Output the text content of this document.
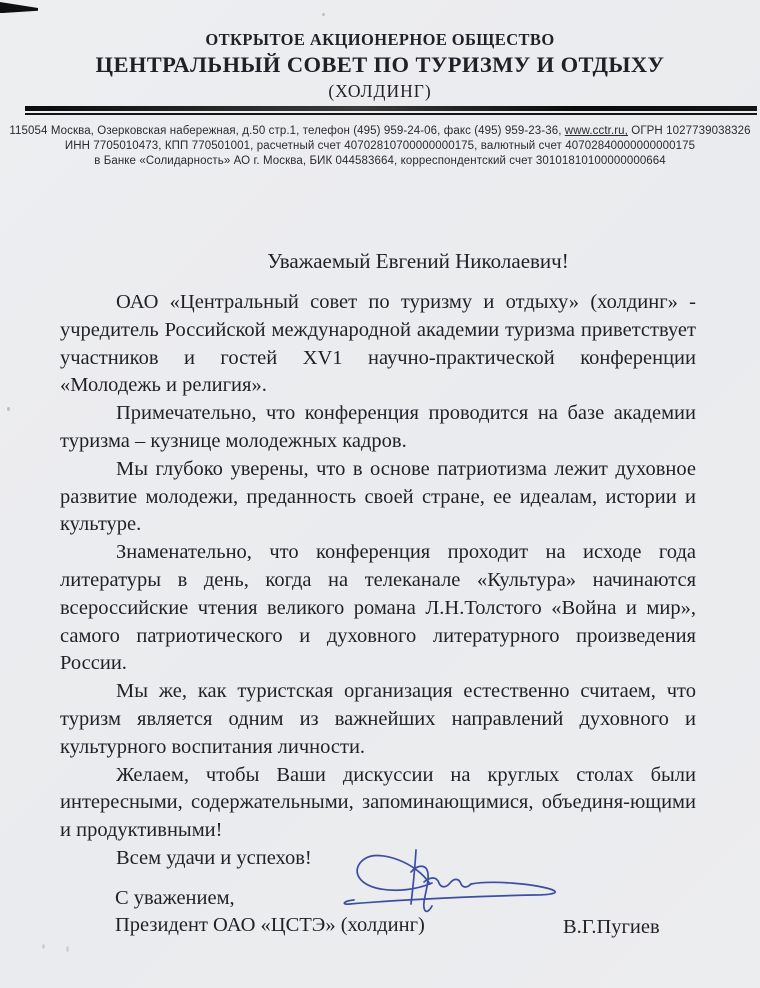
ОТКРЫТОЕ АКЦИОНЕРНОЕ ОБЩЕСТВО
ЦЕНТРАЛЬНЫЙ СОВЕТ ПО ТУРИЗМУ И ОТДЫХУ
(ХОЛДИНГ)
115054 Москва, Озерковская набережная, д.50 стр.1, телефон (495) 959-24-06, факс (495) 959-23-36, www.cctr.ru, ОГРН 1027739038326
ИНН 7705010473, КПП 770501001, расчетный счет 40702810700000000175, валютный счет 40702840000000000175
в Банке «Солидарность» АО г. Москва, БИК 044583664, корреспондентский счет 30101810100000000664
Уважаемый Евгений Николаевич!

ОАО «Центральный совет по туризму и отдыху» (холдинг» - учредитель Российской международной академии туризма приветствует участников и гостей XV1 научно-практической конференции «Молодежь и религия».

Примечательно, что конференция проводится на базе академии туризма – кузнице молодежных кадров.

Мы глубоко уверены, что в основе патриотизма лежит духовное развитие молодежи, преданность своей стране, ее идеалам, истории и культуре.

Знаменательно, что конференция проходит на исходе года литературы в день, когда на телеканале «Культура» начинаются всероссийские чтения великого романа Л.Н.Толстого «Война и мир», самого патриотического и духовного литературного произведения России.

Мы же, как туристская организация естественно считаем, что туризм является одним из важнейших направлений духовного и культурного воспитания личности.

Желаем, чтобы Ваши дискуссии на круглых столах были интересными, содержательными, запоминающимися, объединя-ющими и продуктивными!

Всем удачи и успехов!

С уважением,
Президент ОАО «ЦСТЭ» (холдинг)	В.Г.Пугиев
